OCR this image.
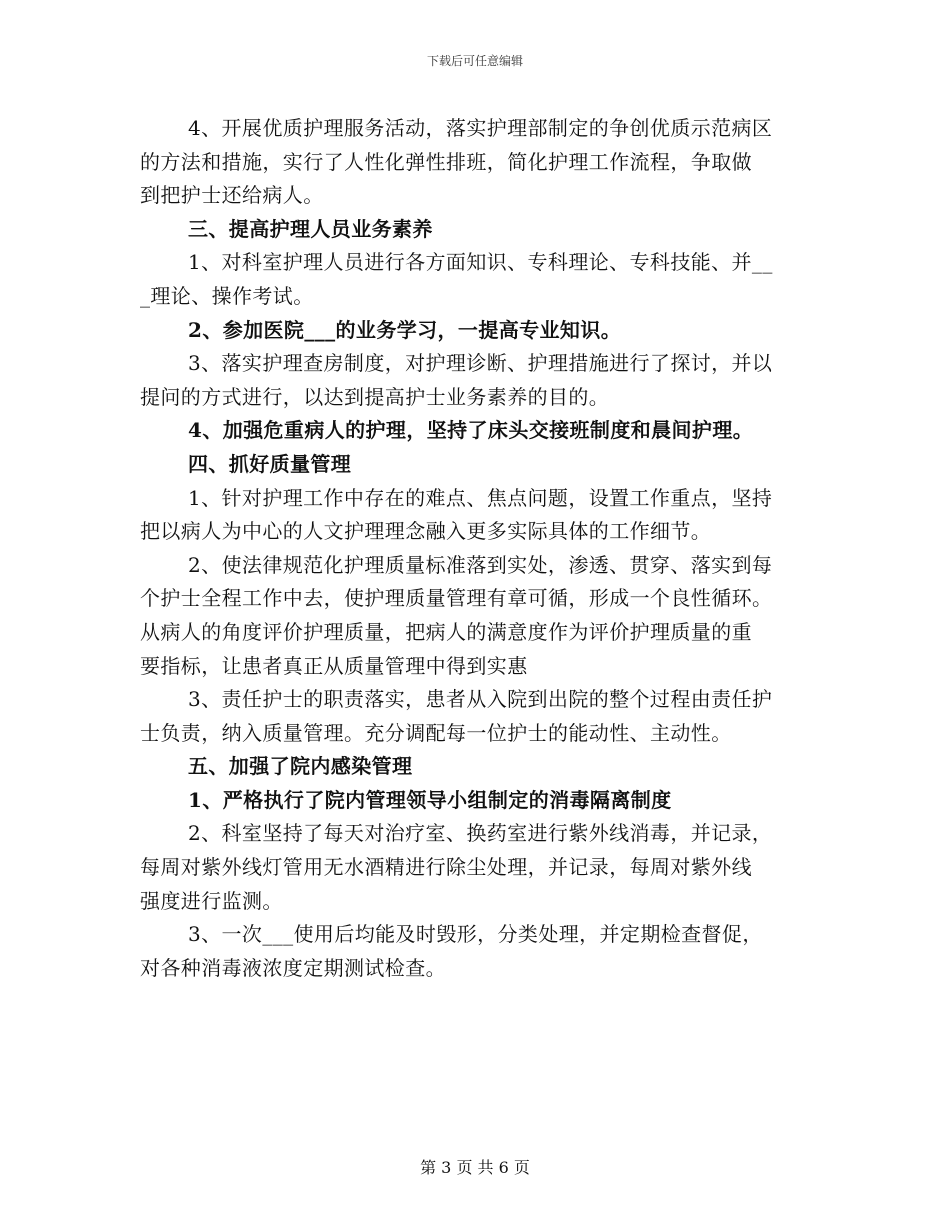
下载后可任意编辑
4、开展优质护理服务活动，落实护理部制定的争创优质示范病区
的方法和措施，实行了人性化弹性排班，简化护理工作流程，争取做
到把护士还给病人。
三、提高护理人员业务素养
1、对科室护理人员进行各方面知识、专科理论、专科技能、并__
_理论、操作考试。
2、参加医院___的业务学习，一提高专业知识。
3、落实护理查房制度，对护理诊断、护理措施进行了探讨，并以
提问的方式进行，以达到提高护士业务素养的目的。
4、加强危重病人的护理，坚持了床头交接班制度和晨间护理。
四、抓好质量管理
1、针对护理工作中存在的难点、焦点问题，设置工作重点，坚持
把以病人为中心的人文护理理念融入更多实际具体的工作细节。
2、使法律规范化护理质量标准落到实处，渗透、贯穿、落实到每
个护士全程工作中去，使护理质量管理有章可循，形成一个良性循环。
从病人的角度评价护理质量，把病人的满意度作为评价护理质量的重
要指标，让患者真正从质量管理中得到实惠
3、责任护士的职责落实，患者从入院到出院的整个过程由责任护
士负责，纳入质量管理。充分调配每一位护士的能动性、主动性。
五、加强了院内感染管理
1、严格执行了院内管理领导小组制定的消毒隔离制度
2、科室坚持了每天对治疗室、换药室进行紫外线消毒，并记录，
每周对紫外线灯管用无水酒精进行除尘处理，并记录，每周对紫外线
强度进行监测。
3、一次___使用后均能及时毁形，分类处理，并定期检查督促，
对各种消毒液浓度定期测试检查。
第 3 页 共 6 页
